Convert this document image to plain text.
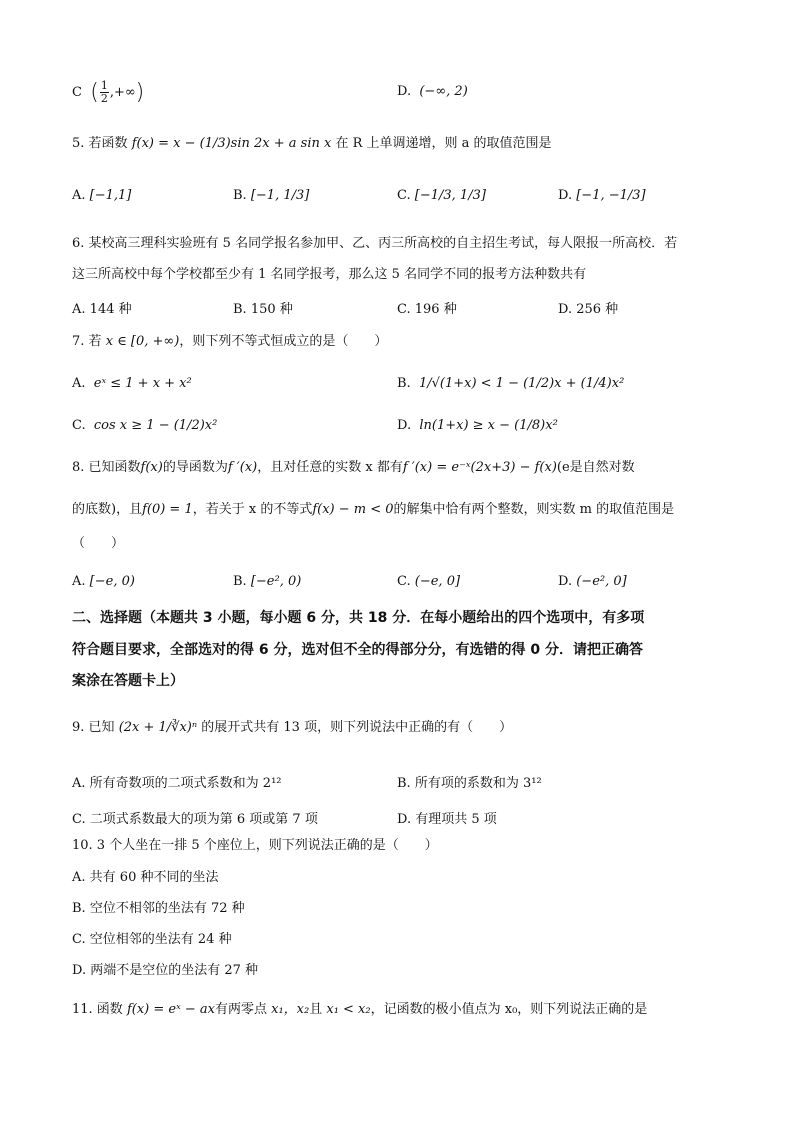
C ( $\frac{1}{2}$ ,+∞)	D. (−∞, 2)
5. 若函数 f(x) = x − (1/3)sin 2x + a sin x 在 R 上单调递增，则 a 的取值范围是
A. [−1,1]	B. [−1, 1/3]	C. [−1/3, 1/3]	D. [−1, −1/3]
6. 某校高三理科实验班有 5 名同学报名参加甲、乙、丙三所高校的自主招生考试，每人限报一所高校．若
这三所高校中每个学校都至少有 1 名同学报考，那么这 5 名同学不同的报考方法种数共有
A. 144 种	B. 150 种	C. 196 种	D. 256 种
7. 若 x ∈ [0, +∞)，则下列不等式恒成立的是（　　）
A. eˣ ≤ 1 + x + x²	B. 1/√(1+x) < 1 − (1/2)x + (1/4)x²
C. cos x ≥ 1 − (1/2)x²	D. ln(1+x) ≥ x − (1/8)x²
8. 已知函数f(x)的导函数为f ′(x)，且对任意的实数 x 都有f ′(x) = e⁻ˣ(2x+3) − f(x)(e是自然对数
的底数)，且f(0) = 1，若关于 x 的不等式f(x) − m < 0的解集中恰有两个整数，则实数 m 的取值范围是
（　　）
A. [−e, 0)	B. [−e², 0)	C. (−e, 0]	D. (−e², 0]
二、选择题（本题共 3 小题，每小题 6 分，共 18 分．在每小题给出的四个选项中，有多项
符合题目要求，全部选对的得 6 分，选对但不全的得部分分，有选错的得 0 分．请把正确答
案涂在答题卡上）
9. 已知 (2x + 1/∛x)ⁿ 的展开式共有 13 项，则下列说法中正确的有（　　）
A. 所有奇数项的二项式系数和为 2¹²	B. 所有项的系数和为 3¹²
C. 二项式系数最大的项为第 6 项或第 7 项	D. 有理项共 5 项
10. 3 个人坐在一排 5 个座位上，则下列说法正确的是（　　）
A. 共有 60 种不同的坐法
B. 空位不相邻的坐法有 72 种
C. 空位相邻的坐法有 24 种
D. 两端不是空位的坐法有 27 种
11. 函数 f(x) = eˣ − ax有两零点 x₁，x₂且 x₁ < x₂，记函数的极小值点为 x₀，则下列说法正确的是
